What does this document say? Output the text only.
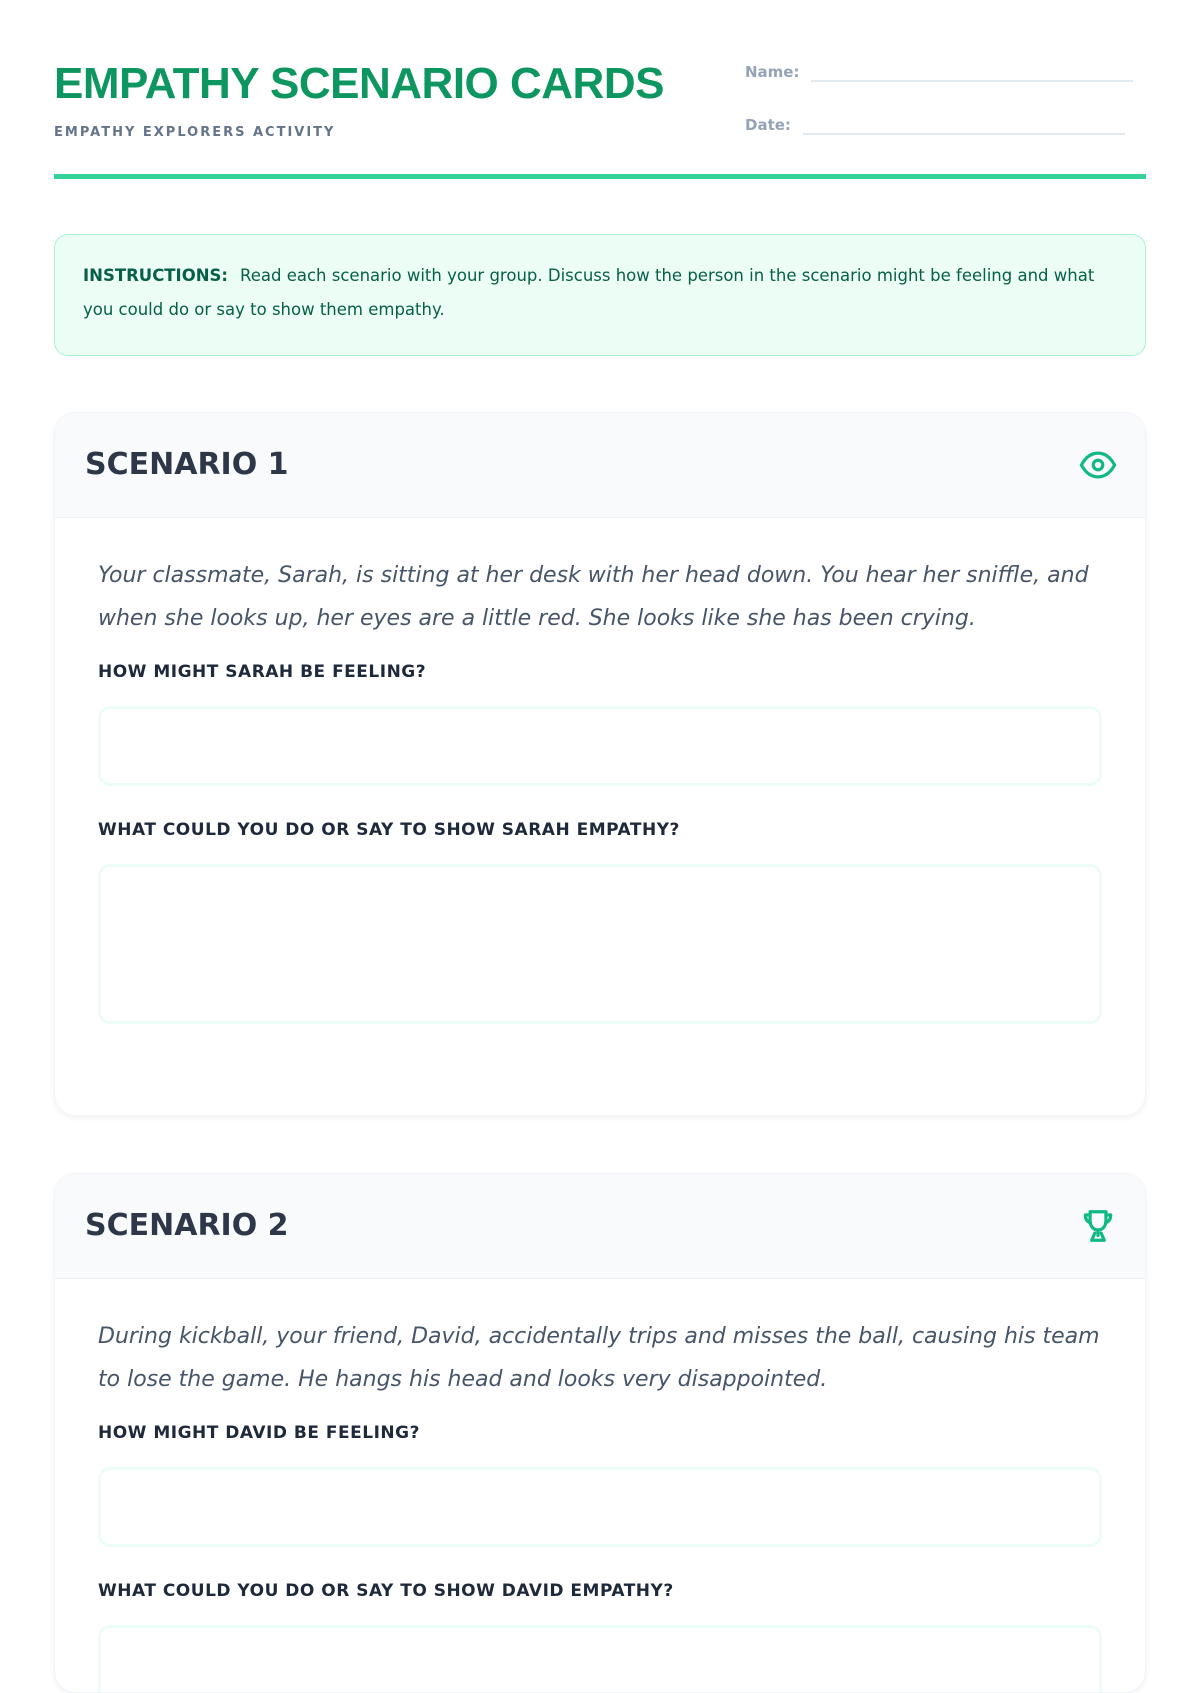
EMPATHY SCENARIO CARDS
EMPATHY EXPLORERS ACTIVITY
Name:
Date:
INSTRUCTIONS: Read each scenario with your group. Discuss how the person in the scenario might be feeling and what you could do or say to show them empathy.
SCENARIO 1

Your classmate, Sarah, is sitting at her desk with her head down. You hear her sniffle, and when she looks up, her eyes are a little red. She looks like she has been crying.

HOW MIGHT SARAH BE FEELING?
WHAT COULD YOU DO OR SAY TO SHOW SARAH EMPATHY?
SCENARIO 2

During kickball, your friend, David, accidentally trips and misses the ball, causing his team to lose the game. He hangs his head and looks very disappointed.

HOW MIGHT DAVID BE FEELING?
WHAT COULD YOU DO OR SAY TO SHOW DAVID EMPATHY?
